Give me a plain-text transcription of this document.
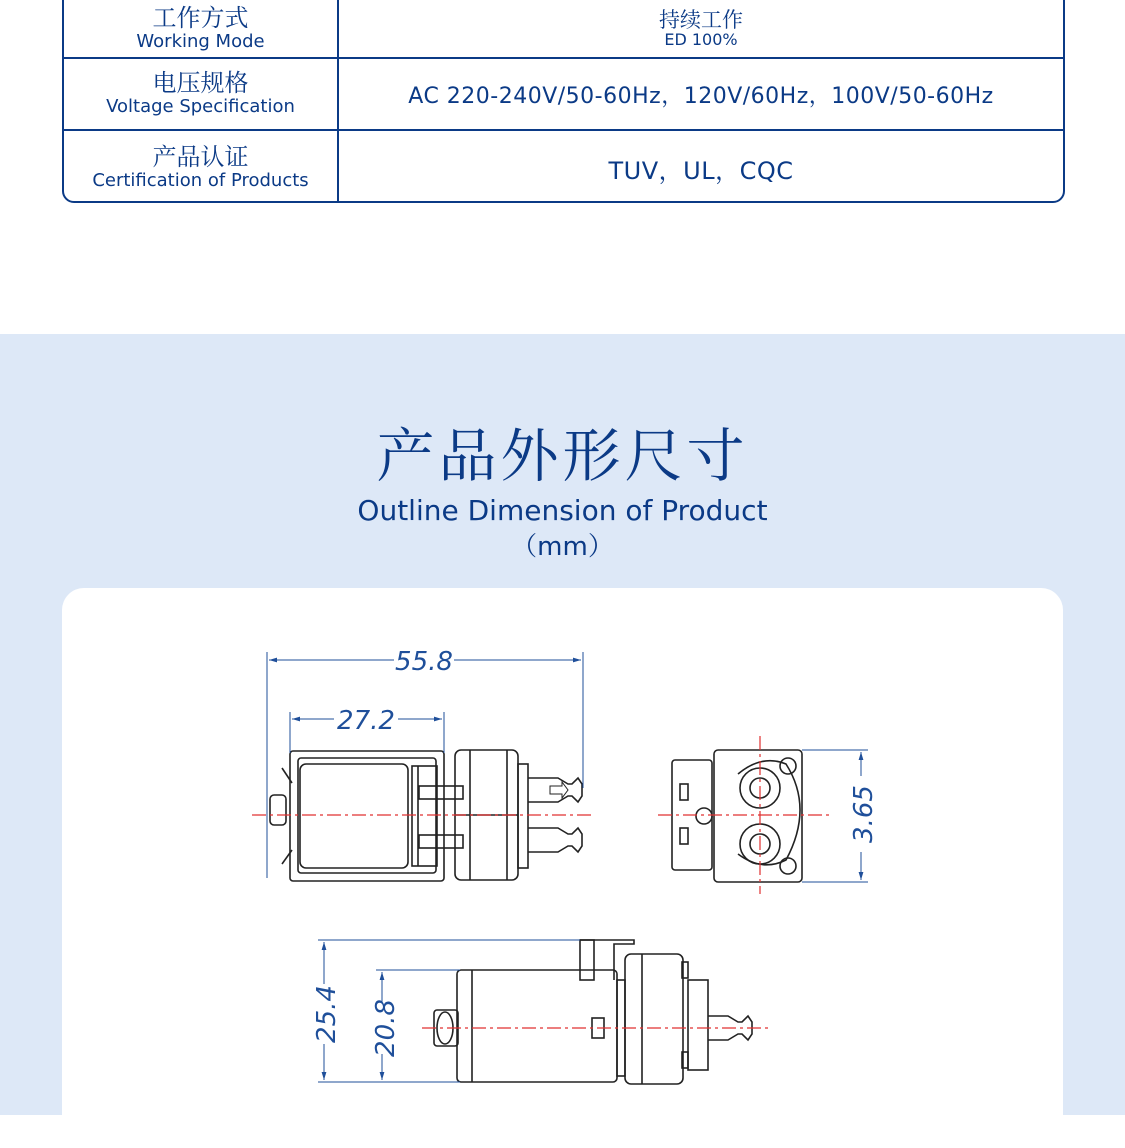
工作方式
Working Mode
持续工作
ED 100%
电压规格
Voltage Specification	AC 220-240V/50-60Hz，120V/60Hz，100V/50-60Hz
产品认证
Certification of Products	TUV，UL，CQC
产品外形尺寸
Outline Dimension of Product
（mm）
55.8
27.2
3.65
25.4 20.8
